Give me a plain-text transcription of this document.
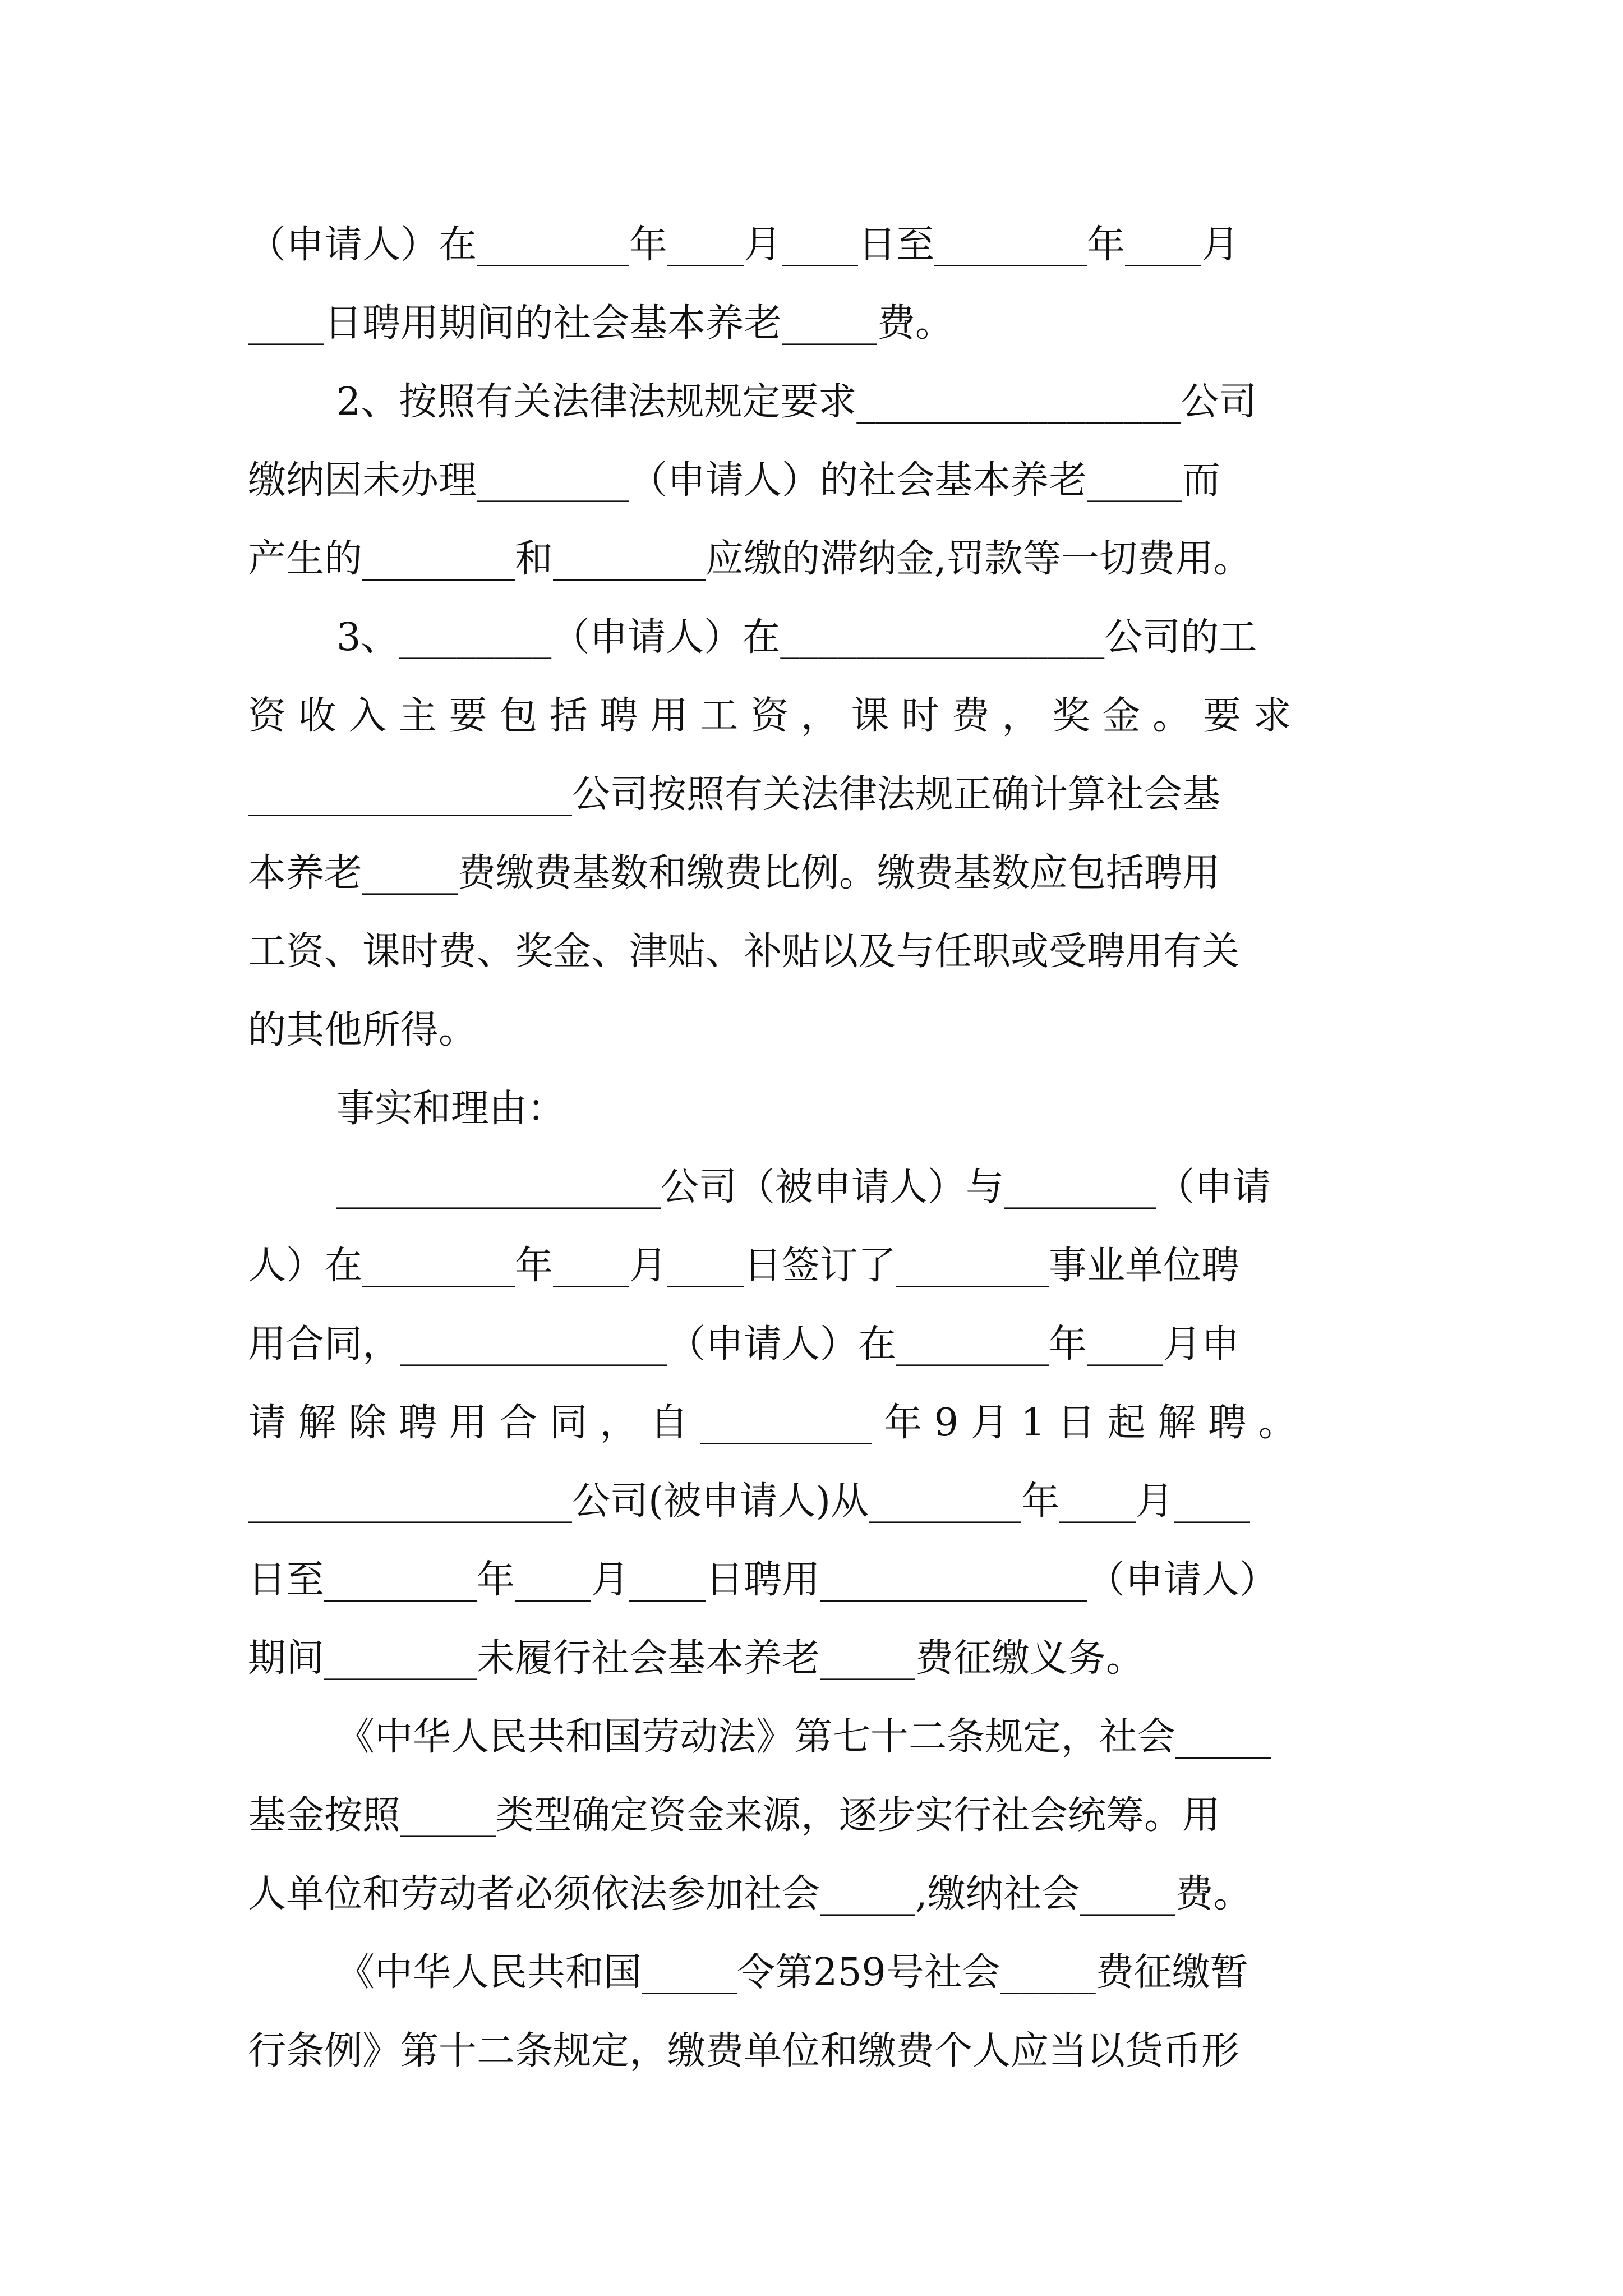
（申请人）在________年____月____日至________年____月
____日聘用期间的社会基本养老_____费。
2、按照有关法律法规规定要求_________________公司
缴纳因未办理________（申请人）的社会基本养老_____而
产生的________和________应缴的滞纳金,罚款等一切费用。
3、________（申请人）在_________________公司的工
资 收 入 主 要 包 括 聘 用 工 资 ， 课 时 费 ， 奖 金 。 要 求
_________________公司按照有关法律法规正确计算社会基
本养老_____费缴费基数和缴费比例。缴费基数应包括聘用
工资、课时费、奖金、津贴、补贴以及与任职或受聘用有关
的其他所得。
事实和理由：
_________________公司（被申请人）与________（申请
人）在________年____月____日签订了________事业单位聘
用合同，______________（申请人）在________年____月申
请 解 除 聘 用 合 同 ， 自 _________ 年 9 月 1 日 起 解 聘 。
_________________公司(被申请人)从________年____月____
日至________年____月____日聘用______________（申请人）
期间________未履行社会基本养老_____费征缴义务。
《中华人民共和国劳动法》第七十二条规定，社会_____
基金按照_____类型确定资金来源，逐步实行社会统筹。用
人单位和劳动者必须依法参加社会_____,缴纳社会_____费。
《中华人民共和国_____令第259号社会_____费征缴暂
行条例》第十二条规定，缴费单位和缴费个人应当以货币形
